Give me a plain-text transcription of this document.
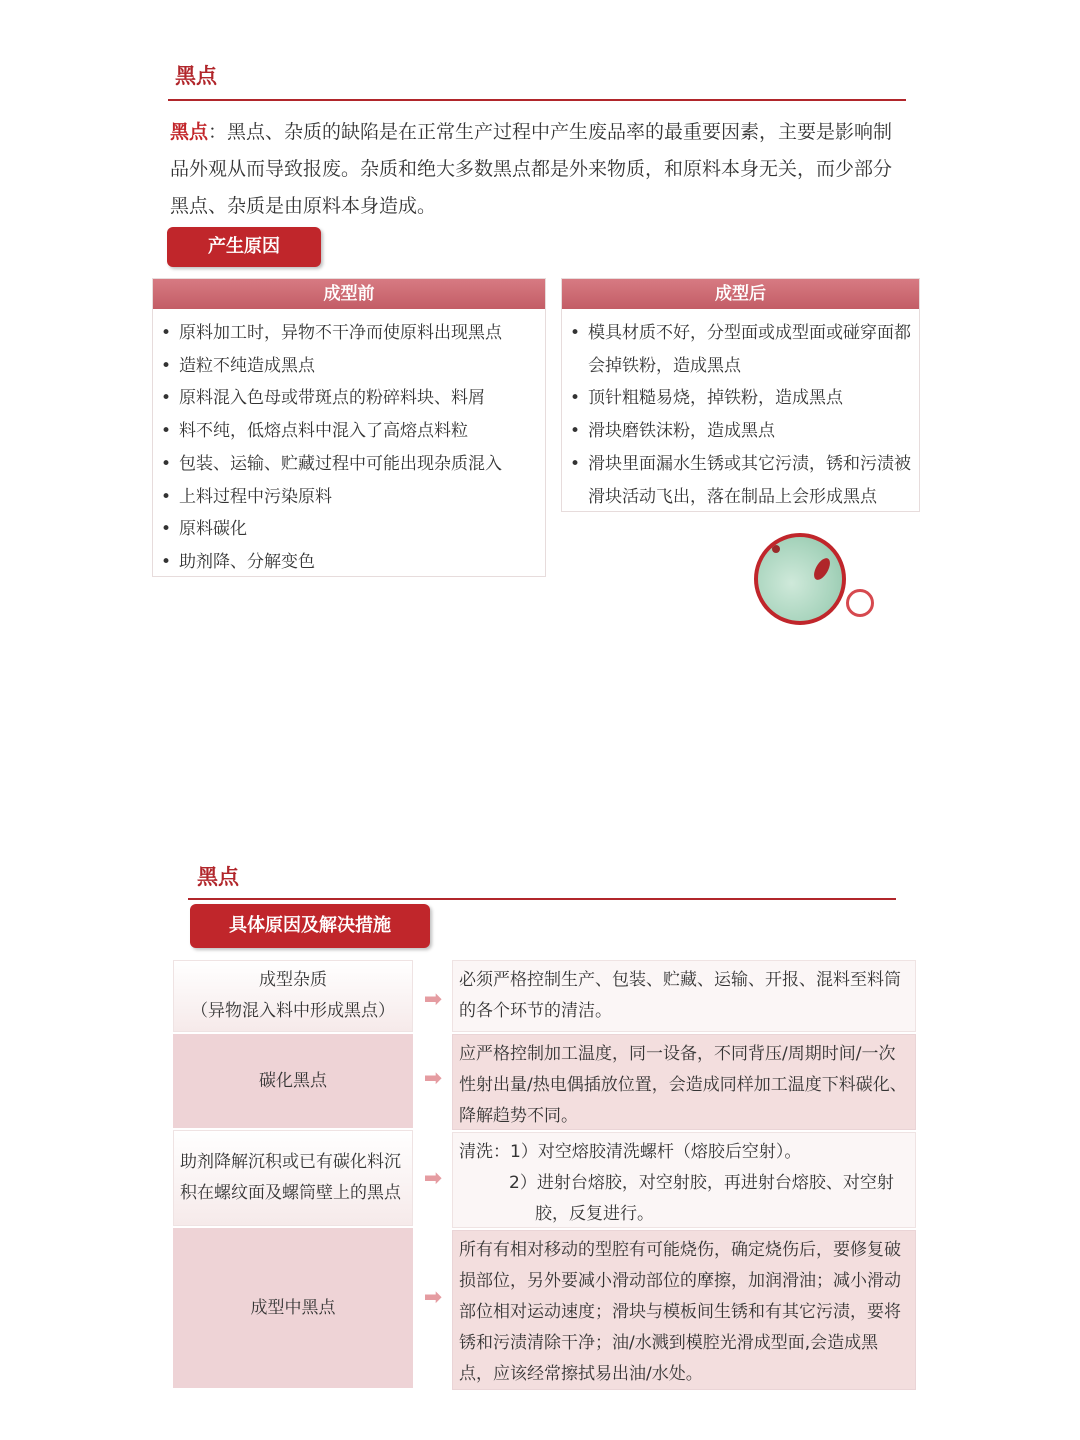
黑点
黑点：黑点、杂质的缺陷是在正常生产过程中产生废品率的最重要因素，主要是影响制品外观从而导致报废。杂质和绝大多数黑点都是外来物质，和原料本身无关，而少部分黑点、杂质是由原料本身造成。
产生原因
成型前
• 原料加工时，异物不干净而使原料出现黑点
• 造粒不纯造成黑点
• 原料混入色母或带斑点的粉碎料块、料屑
• 料不纯，低熔点料中混入了高熔点料粒
• 包装、运输、贮藏过程中可能出现杂质混入
• 上料过程中污染原料
• 原料碳化
• 助剂降、分解变色
成型后
• 模具材质不好，分型面或成型面或碰穿面都会掉铁粉，造成黑点
• 顶针粗糙易烧，掉铁粉，造成黑点
• 滑块磨铁沫粉，造成黑点
• 滑块里面漏水生锈或其它污渍，锈和污渍被滑块活动飞出，落在制品上会形成黑点
黑点
具体原因及解决措施
成型杂质
（异物混入料中形成黑点） ➡
必须严格控制生产、包装、贮藏、运输、开报、混料至料筒的各个环节的清洁。
碳化黑点	➡
应严格控制加工温度，同一设备，不同背压/周期时间/一次性射出量/热电偶插放位置，会造成同样加工温度下料碳化、降解趋势不同。
助剂降解沉积或已有碳化料沉积在螺纹面及螺筒壁上的黑点
➡
清洗：1）对空熔胶清洗螺杆（熔胶后空射）。
2）进射台熔胶，对空射胶，再进射台熔胶、对空射
胶，反复进行。
成型中黑点	➡
所有有相对移动的型腔有可能烧伤，确定烧伤后，要修复破损部位，另外要减小滑动部位的摩擦，加润滑油；减小滑动部位相对运动速度；滑块与模板间生锈和有其它污渍，要将锈和污渍清除干净；油/水溅到模腔光滑成型面,会造成黑点，应该经常擦拭易出油/水处。
